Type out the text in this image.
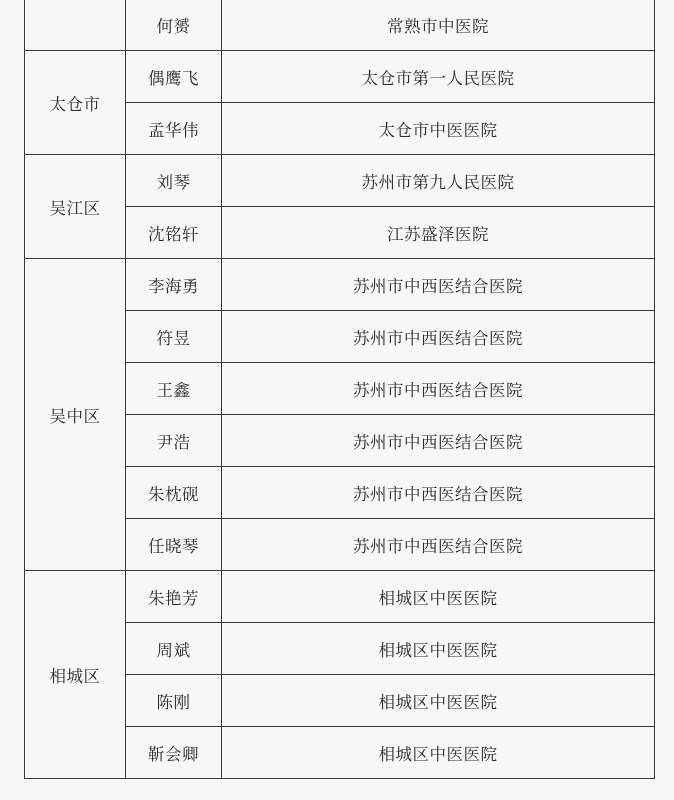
	何赟	常熟市中医院
太仓市	偶鹰飞	太仓市第一人民医院
	孟华伟	太仓市中医医院
吴江区	刘琴	苏州市第九人民医院
	沈铭轩	江苏盛泽医院
吴中区	李海勇	苏州市中西医结合医院
	符昱	苏州市中西医结合医院
	王鑫	苏州市中西医结合医院
	尹浩	苏州市中西医结合医院
	朱枕砚	苏州市中西医结合医院
	任晓琴	苏州市中西医结合医院
相城区	朱艳芳	相城区中医医院
	周斌	相城区中医医院
	陈刚	相城区中医医院
	靳会卿	相城区中医医院
